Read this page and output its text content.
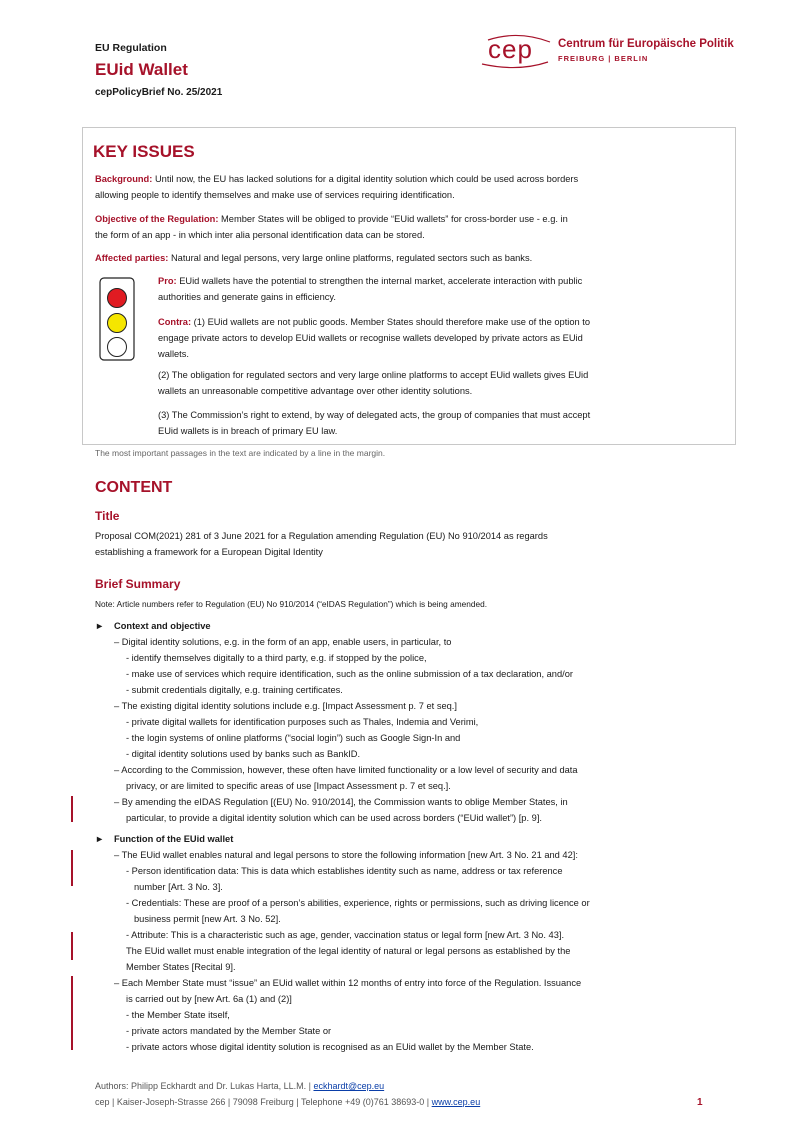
EU Regulation
EUid Wallet
cepPolicyBrief No. 25/2021
cep Centrum für Europäische Politik
FREIBURG | BERLIN
KEY ISSUES
Background: Until now, the EU has lacked solutions for a digital identity solution which could be used across borders
allowing people to identify themselves and make use of services requiring identification.
Objective of the Regulation: Member States will be obliged to provide “EUid wallets” for cross-border use - e.g. in
the form of an app - in which inter alia personal identification data can be stored.
Affected parties: Natural and legal persons, very large online platforms, regulated sectors such as banks.
Pro: EUid wallets have the potential to strengthen the internal market, accelerate interaction with public
authorities and generate gains in efficiency.
Contra: (1) EUid wallets are not public goods. Member States should therefore make use of the option to
engage private actors to develop EUid wallets or recognise wallets developed by private actors as EUid
wallets.
(2) The obligation for regulated sectors and very large online platforms to accept EUid wallets gives EUid
wallets an unreasonable competitive advantage over other identity solutions.
(3) The Commission’s right to extend, by way of delegated acts, the group of companies that must accept
EUid wallets is in breach of primary EU law.
The most important passages in the text are indicated by a line in the margin.
CONTENT
Title
Proposal COM(2021) 281 of 3 June 2021 for a Regulation amending Regulation (EU) No 910/2014 as regards
establishing a framework for a European Digital Identity
Brief Summary
Note: Article numbers refer to Regulation (EU) No 910/2014 (“eIDAS Regulation”) which is being amended.
► Context and objective
– Digital identity solutions, e.g. in the form of an app, enable users, in particular, to
- identify themselves digitally to a third party, e.g. if stopped by the police,
- make use of services which require identification, such as the online submission of a tax declaration, and/or
- submit credentials digitally, e.g. training certificates.
– The existing digital identity solutions include e.g. [Impact Assessment p. 7 et seq.]
- private digital wallets for identification purposes such as Thales, Indemia and Verimi,
- the login systems of online platforms (“social login”) such as Google Sign-In and
- digital identity solutions used by banks such as BankID.
– According to the Commission, however, these often have limited functionality or a low level of security and data
privacy, or are limited to specific areas of use [Impact Assessment p. 7 et seq.].
– By amending the eIDAS Regulation [(EU) No. 910/2014], the Commission wants to oblige Member States, in
particular, to provide a digital identity solution which can be used across borders (“EUid wallet”) [p. 9].
► Function of the EUid wallet
– The EUid wallet enables natural and legal persons to store the following information [new Art. 3 No. 21 and 42]:
- Person identification data: This is data which establishes identity such as name, address or tax reference
number [Art. 3 No. 3].
- Credentials: These are proof of a person’s abilities, experience, rights or permissions, such as driving licence or
business permit [new Art. 3 No. 52].
- Attribute: This is a characteristic such as age, gender, vaccination status or legal form [new Art. 3 No. 43].
The EUid wallet must enable integration of the legal identity of natural or legal persons as established by the
Member States [Recital 9].
– Each Member State must “issue” an EUid wallet within 12 months of entry into force of the Regulation. Issuance
is carried out by [new Art. 6a (1) and (2)]
- the Member State itself,
- private actors mandated by the Member State or
- private actors whose digital identity solution is recognised as an EUid wallet by the Member State.
Authors: Philipp Eckhardt and Dr. Lukas Harta, LL.M. | eckhardt@cep.eu
cep | Kaiser-Joseph-Strasse 266 | 79098 Freiburg | Telephone +49 (0)761 38693-0 | www.cep.eu	1
